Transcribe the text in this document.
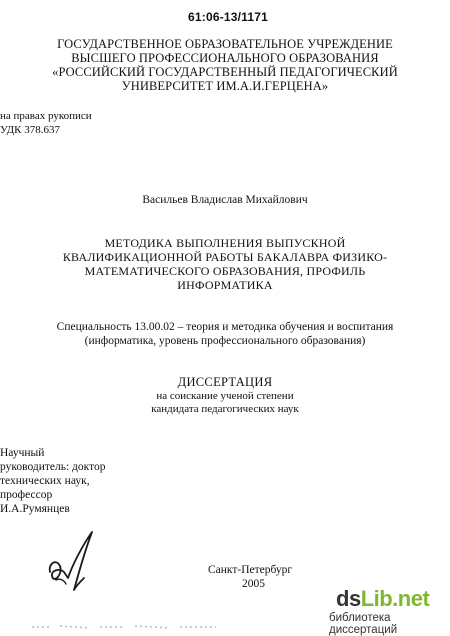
61:06-13/1171
ГОСУДАРСТВЕННОЕ ОБРАЗОВАТЕЛЬНОЕ УЧРЕЖДЕНИЕ
ВЫСШЕГО ПРОФЕССИОНАЛЬНОГО ОБРАЗОВАНИЯ
«РОССИЙСКИЙ ГОСУДАРСТВЕННЫЙ ПЕДАГОГИЧЕСКИЙ
УНИВЕРСИТЕТ ИМ.А.И.ГЕРЦЕНА»
на правах рукописи
УДК 378.637
Васильев Владислав Михайлович
МЕТОДИКА ВЫПОЛНЕНИЯ ВЫПУСКНОЙ
КВАЛИФИКАЦИОННОЙ РАБОТЫ БАКАЛАВРА ФИЗИКО-
МАТЕМАТИЧЕСКОГО ОБРАЗОВАНИЯ, ПРОФИЛЬ
ИНФОРМАТИКА
Специальность 13.00.02 – теория и методика обучения и воспитания
(информатика, уровень профессионального образования)
ДИССЕРТАЦИЯ
на соискание ученой степени
кандидата педагогических наук
Научный
руководитель: доктор
технических наук,
профессор
И.А.Румянцев
Санкт-Петербург
2005
dsLib.net
библиотека диссертаций
